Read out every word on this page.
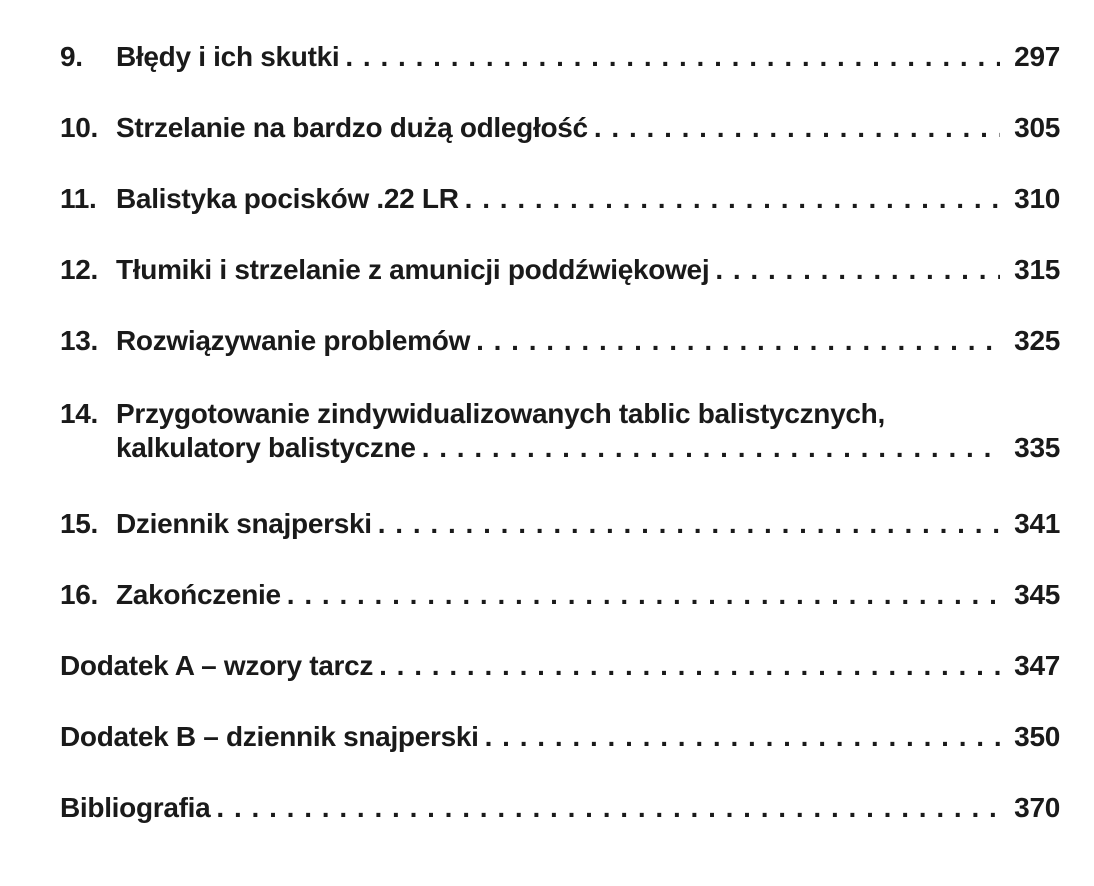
9.	Błędy i ich skutki . . .	297
10. Strzelanie na bardzo dużą odległość . . .	305
11. Balistyka pocisków .22 LR . . .	310
12. Tłumiki i strzelanie z amunicji poddźwiękowej . . .	315
13. Rozwiązywanie problemów . . .	325
14. Przygotowanie zindywidualizowanych tablic balistycznych,
kalkulatory balistyczne . . .	335
15. Dziennik snajperski . . .	341
16. Zakończenie . . .	345
Dodatek A – wzory tarcz . . .	347
Dodatek B – dziennik snajperski . . .	350
Bibliografia . . .	370
